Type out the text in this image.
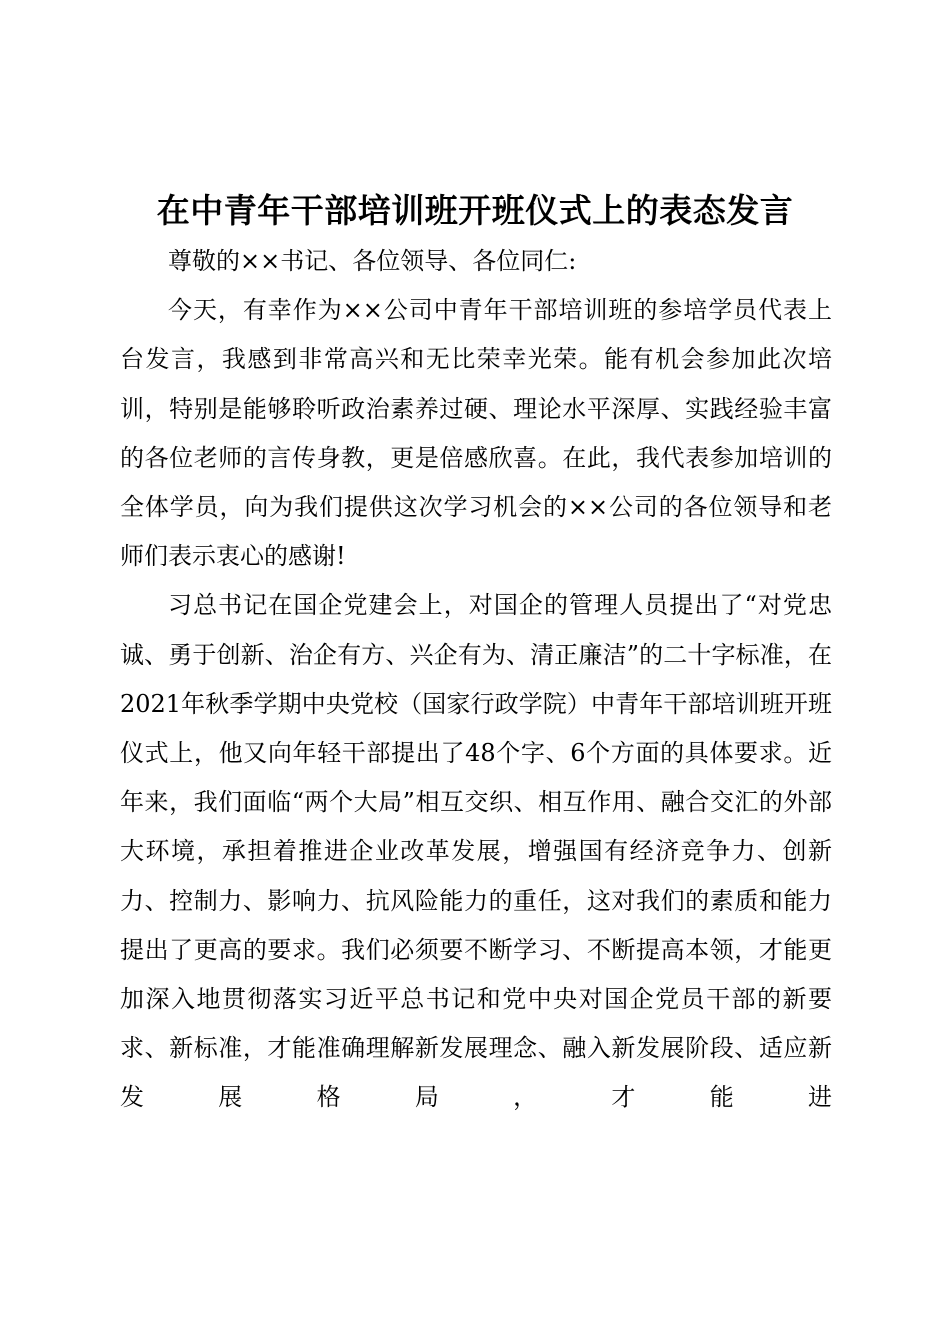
在中青年干部培训班开班仪式上的表态发言

尊敬的××书记、各位领导、各位同仁:

今天，有幸作为××公司中青年干部培训班的参培学员代表上台发言，我感到非常高兴和无比荣幸光荣。能有机会参加此次培训，特别是能够聆听政治素养过硬、理论水平深厚、实践经验丰富的各位老师的言传身教，更是倍感欣喜。在此，我代表参加培训的全体学员，向为我们提供这次学习机会的××公司的各位领导和老师们表示衷心的感谢!

习总书记在国企党建会上，对国企的管理人员提出了“对党忠诚、勇于创新、治企有方、兴企有为、清正廉洁”的二十字标准，在2021年秋季学期中央党校（国家行政学院）中青年干部培训班开班仪式上，他又向年轻干部提出了48个字、6个方面的具体要求。近年来，我们面临“两个大局”相互交织、相互作用、融合交汇的外部大环境，承担着推进企业改革发展，增强国有经济竞争力、创新力、控制力、影响力、抗风险能力的重任，这对我们的素质和能力提出了更高的要求。我们必须要不断学习、不断提高本领，才能更加深入地贯彻落实习近平总书记和党中央对国企党员干部的新要求、新标准，才能准确理解新发展理念、融入新发展阶段、适应新发展格局，才能进
